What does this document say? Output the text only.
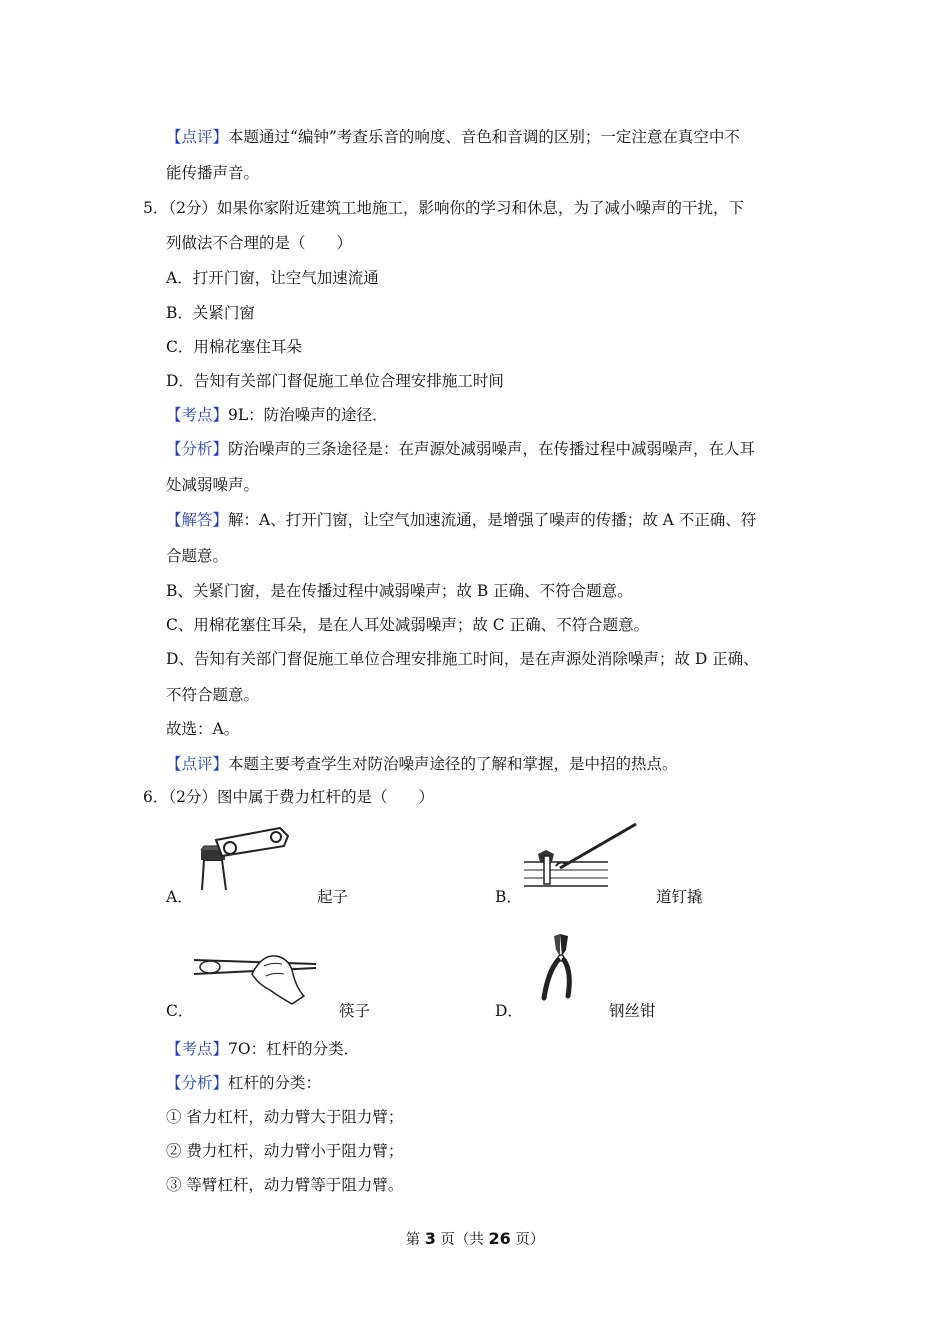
【点评】本题通过“编钟”考查乐音的响度、音色和音调的区别；一定注意在真空中不
能传播声音。
5．（2分）如果你家附近建筑工地施工，影响你的学习和休息，为了减小噪声的干扰，下
列做法不合理的是（　　）
A．打开门窗，让空气加速流通
B．关紧门窗
C．用棉花塞住耳朵
D．告知有关部门督促施工单位合理安排施工时间
【考点】9L：防治噪声的途径．
【分析】防治噪声的三条途径是：在声源处减弱噪声，在传播过程中减弱噪声，在人耳
处减弱噪声。
【解答】解：A、打开门窗，让空气加速流通，是增强了噪声的传播；故 A 不正确、符
合题意。
B、关紧门窗，是在传播过程中减弱噪声；故 B 正确、不符合题意。
C、用棉花塞住耳朵，是在人耳处减弱噪声；故 C 正确、不符合题意。
D、告知有关部门督促施工单位合理安排施工时间，是在声源处消除噪声；故 D 正确、
不符合题意。
故选：A。
【点评】本题主要考查学生对防治噪声途径的了解和掌握，是中招的热点。
6．（2分）图中属于费力杠杆的是（　　）
A．	起子	B．	道钉撬
C．	筷子	D．	钢丝钳
【考点】7O：杠杆的分类．
【分析】杠杆的分类：
① 省力杠杆，动力臂大于阻力臂；
② 费力杠杆，动力臂小于阻力臂；
③ 等臂杠杆，动力臂等于阻力臂。
第 3 页（共 26 页）
